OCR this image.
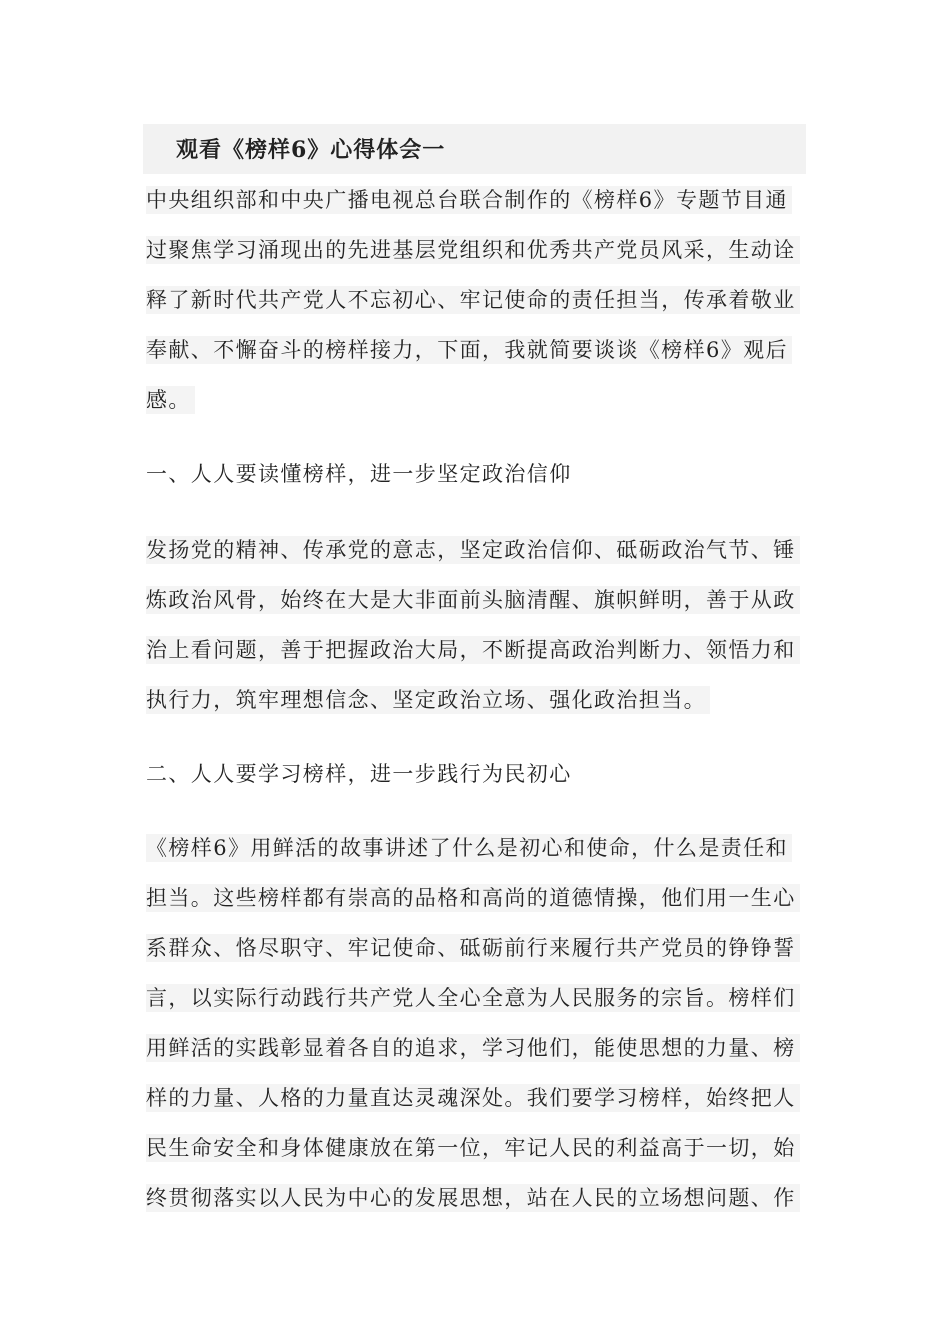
观看《榜样6》心得体会一
中央组织部和中央广播电视总台联合制作的《榜样6》专题节目通
过聚焦学习涌现出的先进基层党组织和优秀共产党员风采，生动诠
释了新时代共产党人不忘初心、牢记使命的责任担当，传承着敬业
奉献、不懈奋斗的榜样接力，下面，我就简要谈谈《榜样6》观后
感。
一、人人要读懂榜样，进一步坚定政治信仰
发扬党的精神、传承党的意志，坚定政治信仰、砥砺政治气节、锤
炼政治风骨，始终在大是大非面前头脑清醒、旗帜鲜明，善于从政
治上看问题，善于把握政治大局，不断提高政治判断力、领悟力和
执行力，筑牢理想信念、坚定政治立场、强化政治担当。
二、人人要学习榜样，进一步践行为民初心
《榜样6》用鲜活的故事讲述了什么是初心和使命，什么是责任和
担当。这些榜样都有崇高的品格和高尚的道德情操，他们用一生心
系群众、恪尽职守、牢记使命、砥砺前行来履行共产党员的铮铮誓
言，以实际行动践行共产党人全心全意为人民服务的宗旨。榜样们
用鲜活的实践彰显着各自的追求，学习他们，能使思想的力量、榜
样的力量、人格的力量直达灵魂深处。我们要学习榜样，始终把人
民生命安全和身体健康放在第一位，牢记人民的利益高于一切，始
终贯彻落实以人民为中心的发展思想，站在人民的立场想问题、作
